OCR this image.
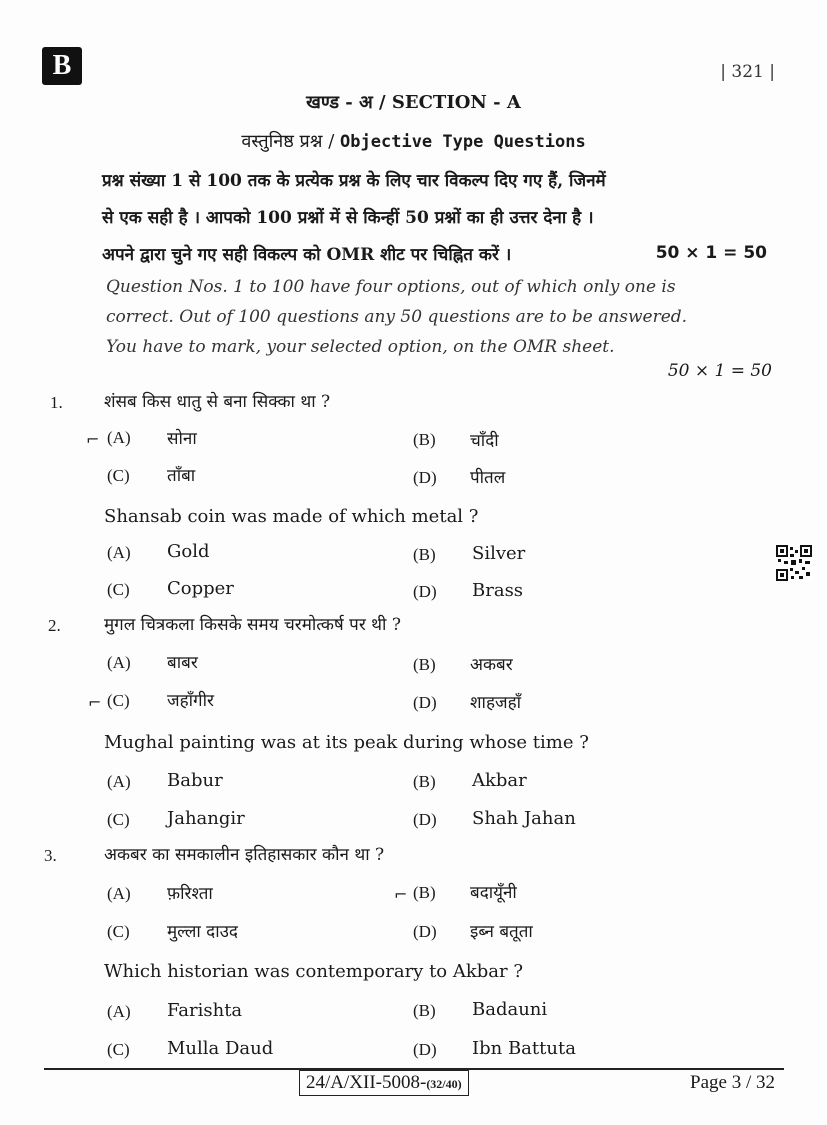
B	| 321 |
खण्ड - अ / SECTION - A
वस्तुनिष्ठ प्रश्न / Objective Type Questions
प्रश्न संख्या 1 से 100 तक के प्रत्येक प्रश्न के लिए चार विकल्प दिए गए हैं, जिनमें
से एक सही है । आपको 100 प्रश्नों में से किन्हीं 50 प्रश्नों का ही उत्तर देना है ।
अपने द्वारा चुने गए सही विकल्प को OMR शीट पर चिह्नित करें ।	50 × 1 = 50
Question Nos. 1 to 100 have four options, out of which only one is
correct. Out of 100 questions any 50 questions are to be answered.
You have to mark, your selected option, on the OMR sheet.
50 × 1 = 50
1. शंसब किस धातु से बना सिक्का था ?
⌐ (A) सोना	(B) चाँदी
(C) ताँबा	(D) पीतल
Shansab coin was made of which metal ?
(A) Gold	(B) Silver
(C) Copper	(D) Brass
2.	मुगल चित्रकला किसके समय चरमोत्कर्ष पर थी ?
(A) बाबर	(B) अकबर
⌐ (C) जहाँगीर	(D) शाहजहाँ
Mughal painting was at its peak during whose time ?
(A) Babur	(B) Akbar
(C) Jahangir	(D) Shah Jahan
3.	अकबर का समकालीन इतिहासकार कौन था ?
(A) फ़रिश्ता	⌐ (B) बदायूँनी
(C) मुल्ला दाउद	(D) इब्न बतूता
Which historian was contemporary to Akbar ?
(A) Farishta	(B) Badauni
(C) Mulla Daud	(D) Ibn Battuta
24/A/XII-5008-(32/40)	Page 3 / 32
